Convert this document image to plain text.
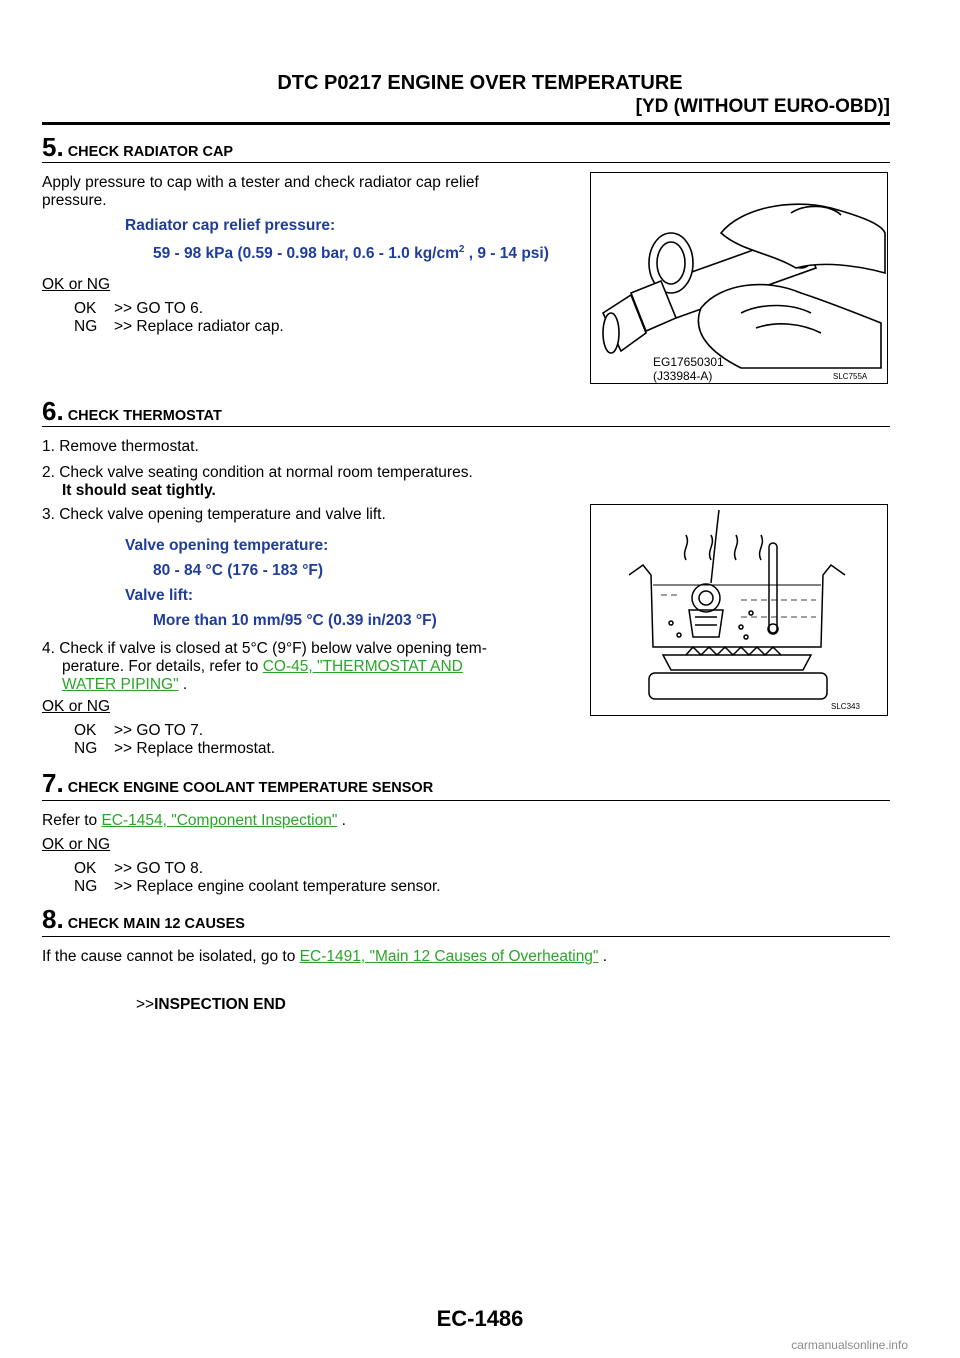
DTC P0217 ENGINE OVER TEMPERATURE
[YD (WITHOUT EURO-OBD)]
5. CHECK RADIATOR CAP
Apply pressure to cap with a tester and check radiator cap relief
pressure.
Radiator cap relief pressure:
59 - 98 kPa (0.59 - 0.98 bar, 0.6 - 1.0 $kg/cm^2$ , 9 - 14 psi)
OK or NG
OK >> GO TO 6.
NG >> Replace radiator cap.
EG17650301
(J33984-A)	SLC755A
6. CHECK THERMOSTAT
1. Remove thermostat.
2. Check valve seating condition at normal room temperatures.
It should seat tightly.
3. Check valve opening temperature and valve lift.
Valve opening temperature:
80 - 84 °C (176 - 183 °F)
Valve lift:
More than 10 mm/95 °C (0.39 in/203 °F)
4. Check if valve is closed at 5°C (9°F) below valve opening tem-
perature. For details, refer to CO-45, "THERMOSTAT AND
WATER PIPING" .
OK or NG
OK >> GO TO 7.
NG >> Replace thermostat.
SLC343
7. CHECK ENGINE COOLANT TEMPERATURE SENSOR
Refer to EC-1454, "Component Inspection" .
OK or NG
OK >> GO TO 8.
NG >> Replace engine coolant temperature sensor.
8. CHECK MAIN 12 CAUSES
If the cause cannot be isolated, go to EC-1491, "Main 12 Causes of Overheating" .
>>INSPECTION END
EC-1486
carmanualsonline.info
